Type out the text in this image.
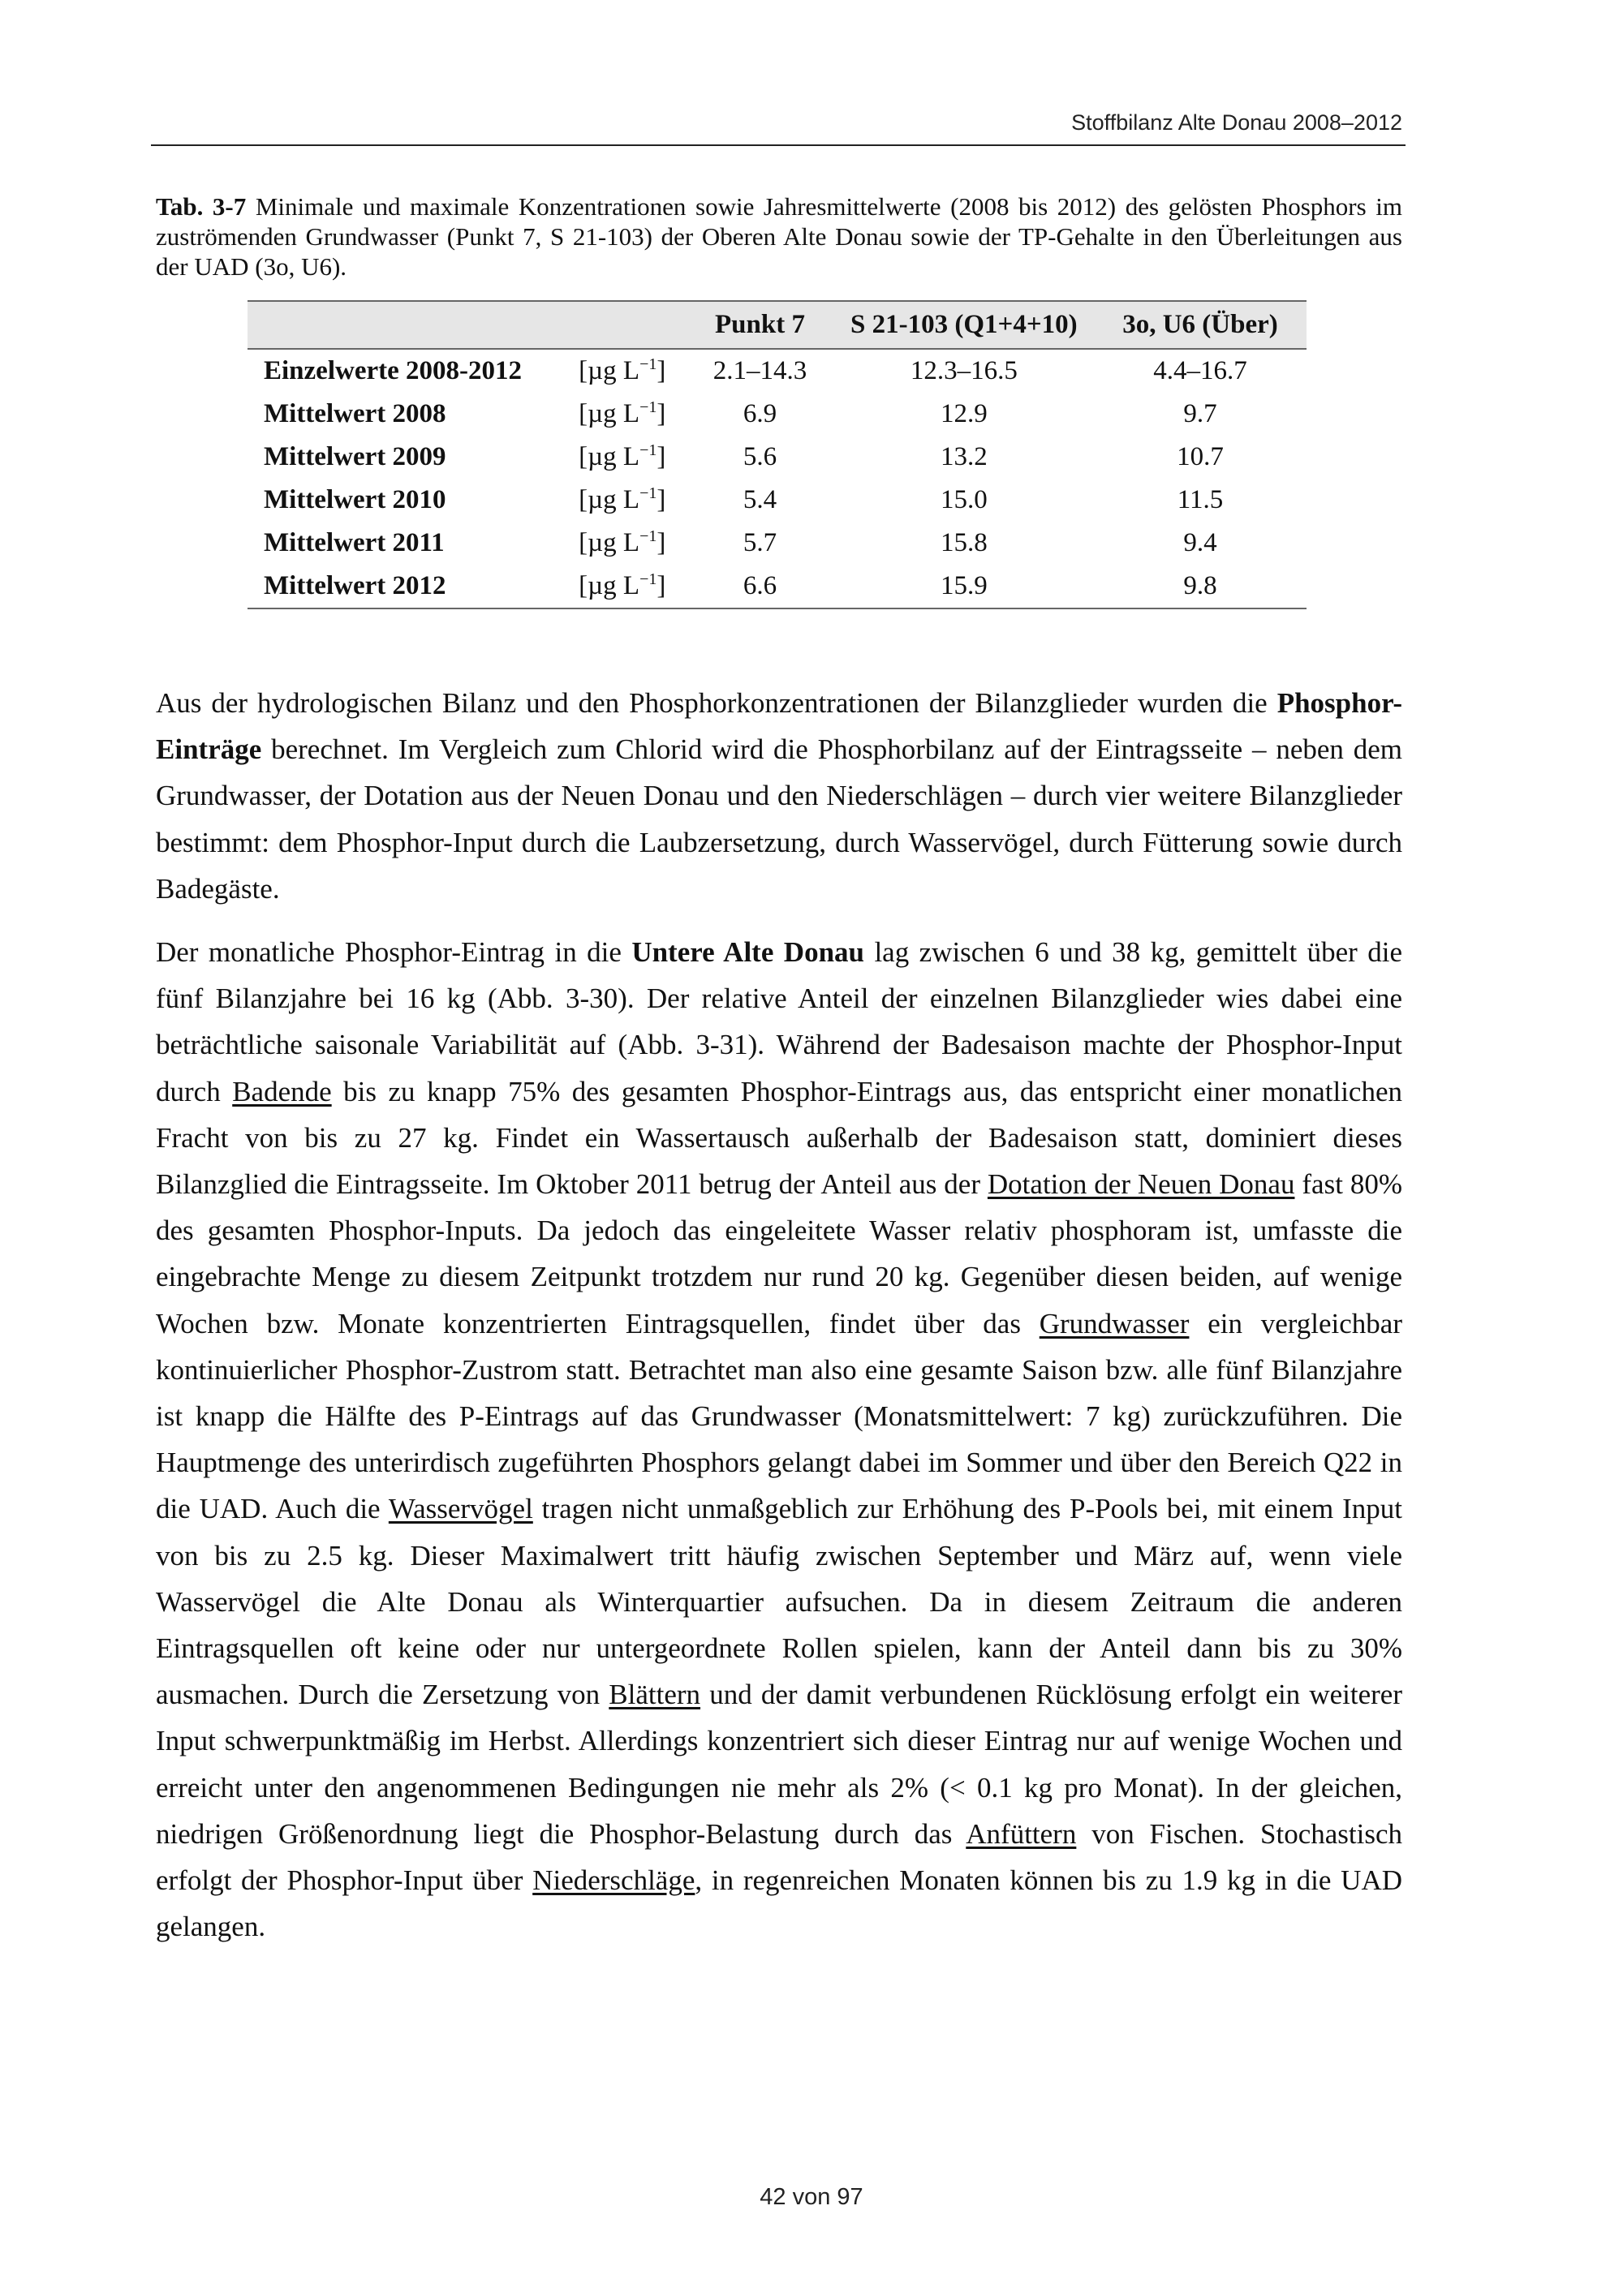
Stoffbilanz Alte Donau 2008–2012
Tab. 3-7 Minimale und maximale Konzentrationen sowie Jahresmittelwerte (2008 bis 2012) des gelösten Phosphors im zuströmenden Grundwasser (Punkt 7, S 21-103) der Oberen Alte Donau sowie der TP-Gehalte in den Überleitungen aus der UAD (3o, U6).
		Punkt 7	S 21-103 (Q1+4+10)	3o, U6 (Über)
Einzelwerte 2008-2012	[µg $L^{-1}$]	2.1–14.3	12.3–16.5	4.4–16.7
Mittelwert 2008	[µg $L^{-1}$]	6.9	12.9	9.7
Mittelwert 2009	[µg $L^{-1}$]	5.6	13.2	10.7
Mittelwert 2010	[µg $L^{-1}$]	5.4	15.0	11.5
Mittelwert 2011	[µg $L^{-1}$]	5.7	15.8	9.4
Mittelwert 2012	[µg $L^{-1}$]	6.6	15.9	9.8

Aus der hydrologischen Bilanz und den Phosphorkonzentrationen der Bilanzglieder wurden die Phosphor-Einträge berechnet. Im Vergleich zum Chlorid wird die Phosphorbilanz auf der Eintragsseite – neben dem Grundwasser, der Dotation aus der Neuen Donau und den Niederschlägen – durch vier weitere Bilanzglieder bestimmt: dem Phosphor-Input durch die Laubzersetzung, durch Wasservögel, durch Fütterung sowie durch Badegäste.

Der monatliche Phosphor-Eintrag in die Untere Alte Donau lag zwischen 6 und 38 kg, gemittelt über die fünf Bilanzjahre bei 16 kg (Abb. 3-30). Der relative Anteil der einzelnen Bilanzglieder wies dabei eine beträchtliche saisonale Variabilität auf (Abb. 3-31). Während der Badesaison machte der Phosphor-Input durch Badende bis zu knapp 75% des gesamten Phosphor-Eintrags aus, das entspricht einer monatlichen Fracht von bis zu 27 kg. Findet ein Wassertausch außerhalb der Badesaison statt, dominiert dieses Bilanzglied die Eintragsseite. Im Oktober 2011 betrug der Anteil aus der Dotation der Neuen Donau fast 80% des gesamten Phosphor-Inputs. Da jedoch das eingeleitete Wasser relativ phosphoram ist, umfasste die eingebrachte Menge zu diesem Zeitpunkt trotzdem nur rund 20 kg. Gegenüber diesen beiden, auf wenige Wochen bzw. Monate konzentrierten Eintragsquellen, findet über das Grundwasser ein vergleichbar kontinuierlicher Phosphor-Zustrom statt. Betrachtet man also eine gesamte Saison bzw. alle fünf Bilanzjahre ist knapp die Hälfte des P-Eintrags auf das Grundwasser (Monatsmittelwert: 7 kg) zurückzuführen. Die Hauptmenge des unterirdisch zugeführten Phosphors gelangt dabei im Sommer und über den Bereich Q22 in die UAD. Auch die Wasservögel tragen nicht unmaßgeblich zur Erhöhung des P-Pools bei, mit einem Input von bis zu 2.5 kg. Dieser Maximalwert tritt häufig zwischen September und März auf, wenn viele Wasservögel die Alte Donau als Winterquartier aufsuchen. Da in diesem Zeitraum die anderen Eintragsquellen oft keine oder nur untergeordnete Rollen spielen, kann der Anteil dann bis zu 30% ausmachen. Durch die Zersetzung von Blättern und der damit verbundenen Rücklösung erfolgt ein weiterer Input schwerpunktmäßig im Herbst. Allerdings konzentriert sich dieser Eintrag nur auf wenige Wochen und erreicht unter den angenommenen Bedingungen nie mehr als 2% (< 0.1 kg pro Monat). In der gleichen, niedrigen Größenordnung liegt die Phosphor-Belastung durch das Anfüttern von Fischen. Stochastisch erfolgt der Phosphor-Input über Niederschläge, in regenreichen Monaten können bis zu 1.9 kg in die UAD gelangen.

42 von 97
